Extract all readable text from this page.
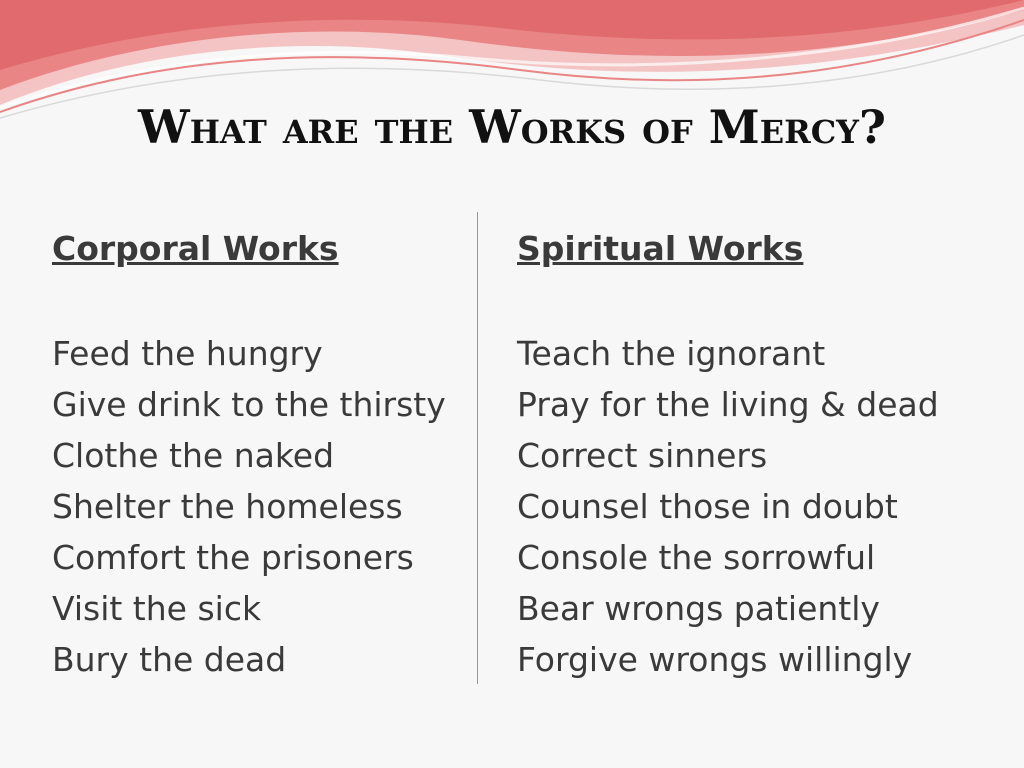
What are the Works of Mercy?
Corporal Works
Feed the hungry
Give drink to the thirsty
Clothe the naked
Shelter the homeless
Comfort the prisoners
Visit the sick
Bury the dead
Spiritual Works
Teach the ignorant
Pray for the living & dead
Correct sinners
Counsel those in doubt
Console the sorrowful
Bear wrongs patiently
Forgive wrongs willingly
